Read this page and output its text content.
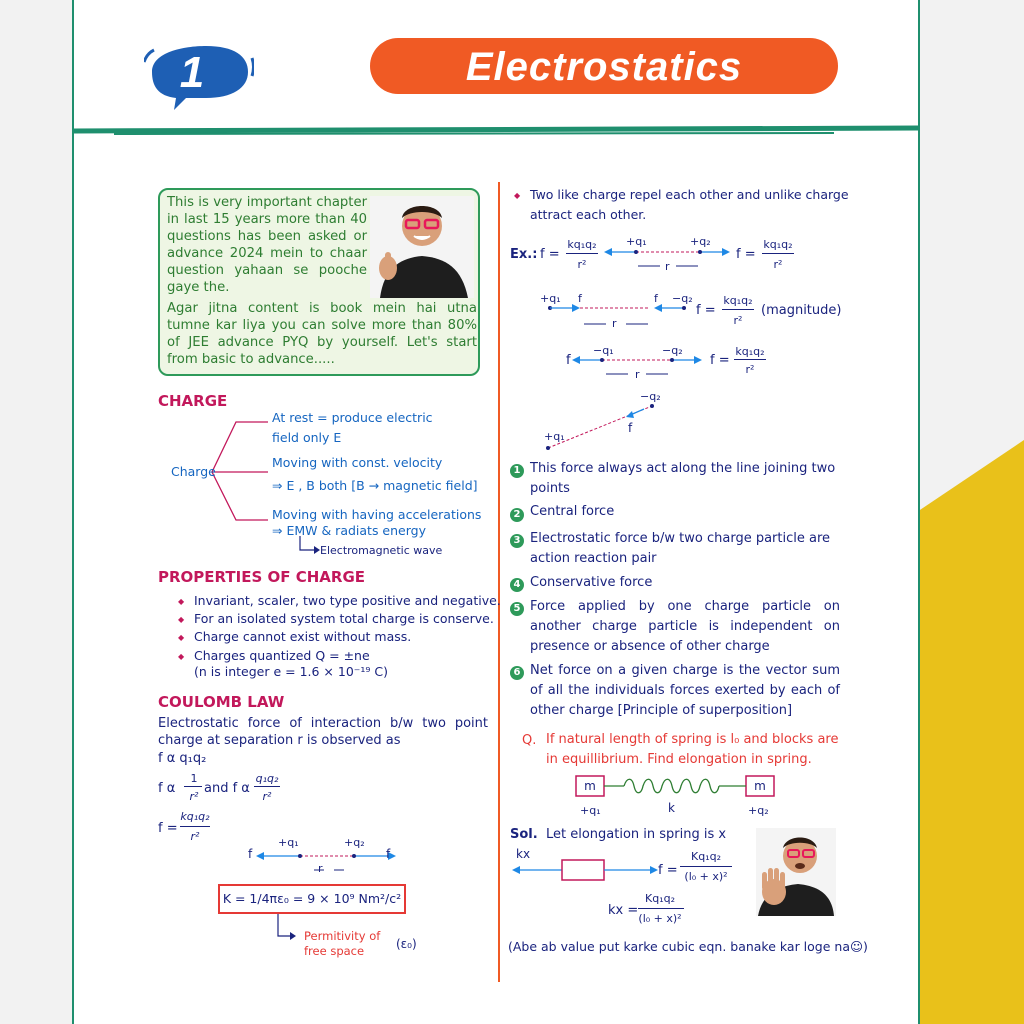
1	Electrostatics
This is very important chapter in last 15 years more than 40 questions has been asked or advance 2024 mein to chaar question yahaan se pooche gaye the.
Agar jitna content is book mein hai utna tumne kar liya you can solve more than 80% of JEE advance PYQ by yourself. Let's start from basic to advance.....
CHARGE
Charge
At rest = produce electric
field only E
Moving with const. velocity
⇒ E , B both [B → magnetic field]
Moving with having accelerations
⇒ EMW & radiats energy
Electromagnetic wave
PROPERTIES OF CHARGE
◆ Invariant, scaler, two type positive and negative.
◆ For an isolated system total charge is conserve.
◆ Charge cannot exist without mass.
◆ Charges quantized Q = ±ne
(n is integer e = 1.6 × 10⁻¹⁹ C)
COULOMB LAW
Electrostatic force of interaction b/w two point charge at separation r is observed as
f α q₁q₂
f α
1
r²
and f α
q₁q₂
r²
f =
kq₁q₂
r²
f	f
+q₁	+q₂
r
K = 1/4πε₀ = 9 × 10⁹ Nm²/c²
Permitivity of
free space	(ε₀)
◆ Two like charge repel each other and unlike charge attract each other.
Ex.: f =
kq₁q₂
r²
+q₁	+q₂
r
f =
kq₁q₂
r²
+q₁ f	f −q₂
r
f =
kq₁q₂
r²
(magnitude)
f
−q₁	−q₂
r
f =
kq₁q₂
r²
+q₁
−q₂
f
1 This force always act along the line joining two points
2 Central force
3 Electrostatic force b/w two charge particle are action reaction pair
4 Conservative force
5 Force applied by one charge particle on another charge particle is independent on presence or absence of other charge
6 Net force on a given charge is the vector sum of all the individuals forces exerted by each of other charge [Principle of superposition]
Q. If natural length of spring is l₀ and blocks are in equillibrium. Find elongation in spring.
m	m
+q₁	k	+q₂
Sol. Let elongation in spring is x
kx
f =
Kq₁q₂
(l₀ + x)²
kx =
Kq₁q₂
(l₀ + x)²
(Abe ab value put karke cubic eqn. banake kar loge na☺)
